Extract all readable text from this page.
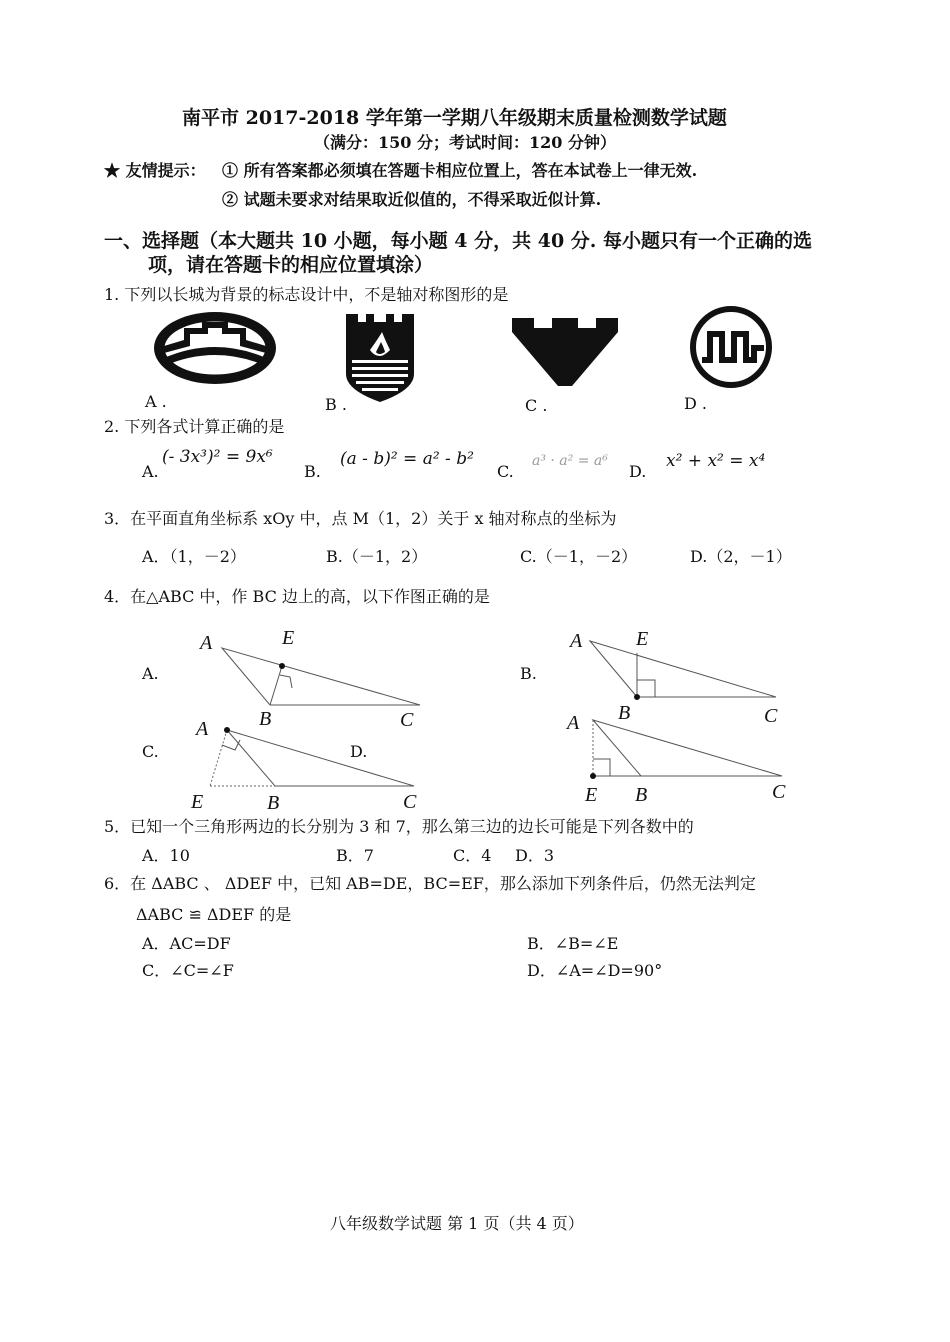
南平市 2017-2018 学年第一学期八年级期末质量检测数学试题
（满分：150 分；考试时间：120 分钟）
★ 友情提示： ① 所有答案都必须填在答题卡相应位置上，答在本试卷上一律无效.
② 试题未要求对结果取近似值的，不得采取近似计算.
一、选择题（本大题共 10 小题，每小题 4 分，共 40 分. 每小题只有一个正确的选
项，请在答题卡的相应位置填涂）
1. 下列以长城为背景的标志设计中，不是轴对称图形的是
A .	B .	C .	D .
2. 下列各式计算正确的是
A.
(- 3x³)² = 9x⁶
B.
(a - b)² = a² - b²
C.
a³ · a² = a⁶
D.
x² + x² = x⁴
3．在平面直角坐标系 xOy 中，点 M（1，2）关于 x 轴对称点的坐标为
A．（1，－2）	B.（－1，2）	C.（－1，－2）	D.（2，－1）
4．在△ABC 中，作 BC 边上的高，以下作图正确的是
A.	B.
C.	D.
A	E
B	C
A	E
B	C
A
E	B	C
A
E B	C
5．已知一个三角形两边的长分别为 3 和 7，那么第三边的边长可能是下列各数中的
A．10	B．7	C．4 D．3
6．在 ΔABC 、 ΔDEF 中，已知 AB=DE，BC=EF，那么添加下列条件后，仍然无法判定
ΔABC ≌ ΔDEF 的是
A．AC=DF	B．∠B=∠E
C．∠C=∠F	D．∠A=∠D=90°
八年级数学试题 第 1 页（共 4 页）
